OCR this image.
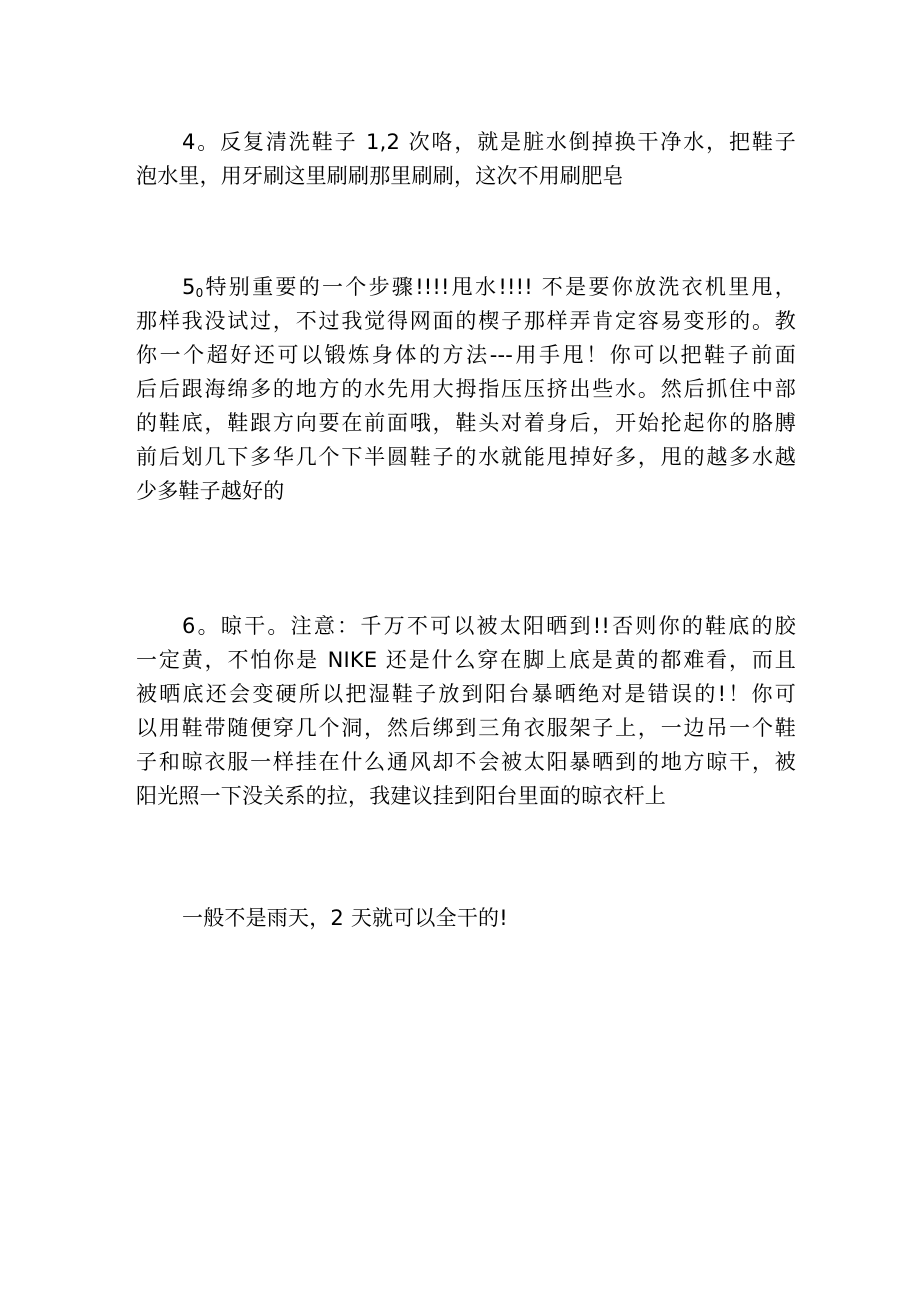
4。反复清洗鞋子 1,2 次咯，就是脏水倒掉换干净水，把鞋子
泡水里，用牙刷这里刷刷那里刷刷，这次不用刷肥皂
$5_0$特别重要的一个步骤!!!!甩水!!!! 不是要你放洗衣机里甩，
那样我没试过，不过我觉得网面的楔子那样弄肯定容易变形的。教
你一个超好还可以锻炼身体的方法---用手甩！你可以把鞋子前面
后后跟海绵多的地方的水先用大拇指压压挤出些水。然后抓住中部
的鞋底，鞋跟方向要在前面哦，鞋头对着身后，开始抡起你的胳膊
前后划几下多华几个下半圆鞋子的水就能甩掉好多，甩的越多水越
少多鞋子越好的
6。晾干。注意：千万不可以被太阳晒到!!否则你的鞋底的胶
一定黄，不怕你是 NIKE 还是什么穿在脚上底是黄的都难看，而且
被晒底还会变硬所以把湿鞋子放到阳台暴晒绝对是错误的!！你可
以用鞋带随便穿几个洞，然后绑到三角衣服架子上，一边吊一个鞋
子和晾衣服一样挂在什么通风却不会被太阳暴晒到的地方晾干，被
阳光照一下没关系的拉，我建议挂到阳台里面的晾衣杆上
一般不是雨天，2 天就可以全干的!
